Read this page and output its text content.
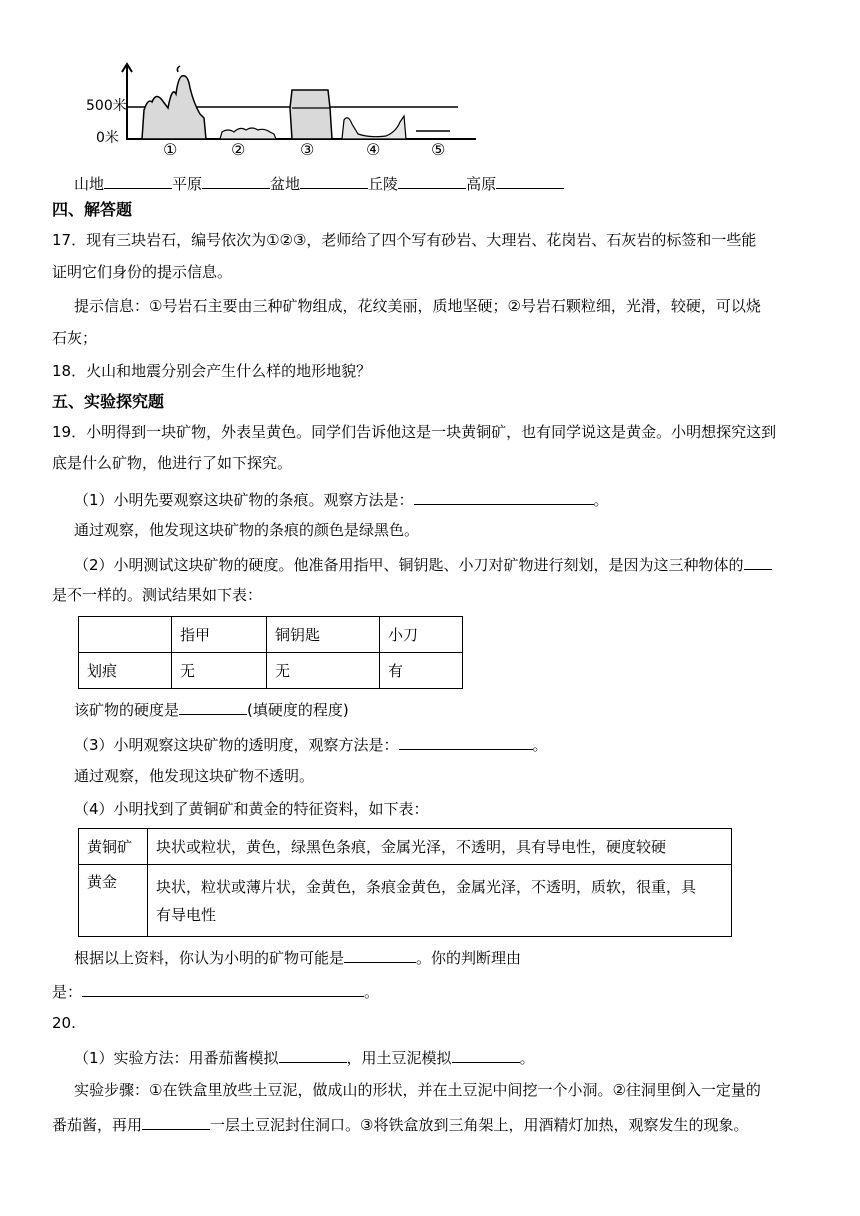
500米
0米
①	②	③	④	⑤
山地	平原	盆地	丘陵	高原
四、解答题
17．现有三块岩石，编号依次为①②③，老师给了四个写有砂岩、大理岩、花岗岩、石灰岩的标签和一些能
证明它们身份的提示信息。
提示信息：①号岩石主要由三种矿物组成，花纹美丽，质地坚硬；②号岩石颗粒细，光滑，较硬，可以烧
石灰；
18．火山和地震分别会产生什么样的地形地貌？
五、实验探究题
19．小明得到一块矿物，外表呈黄色。同学们告诉他这是一块黄铜矿，也有同学说这是黄金。小明想探究这到
底是什么矿物，他进行了如下探究。
（1）小明先要观察这块矿物的条痕。观察方法是：	。
通过观察，他发现这块矿物的条痕的颜色是绿黑色。
（2）小明测试这块矿物的硬度。他准备用指甲、铜钥匙、小刀对矿物进行刻划，是因为这三种物体的
是不一样的。测试结果如下表：
	指甲	铜钥匙	小刀
划痕	无	无	有
该矿物的硬度是	(填硬度的程度)
（3）小明观察这块矿物的透明度，观察方法是：	。
通过观察，他发现这块矿物不透明。
（4）小明找到了黄铜矿和黄金的特征资料，如下表：
黄铜矿	块状或粒状，黄色，绿黑色条痕，金属光泽，不透明，具有导电性，硬度较硬
黄金	块状，粒状或薄片状，金黄色，条痕金黄色，金属光泽，不透明，质软，很重，具
有导电性
根据以上资料，你认为小明的矿物可能是	。你的判断理由
是：	。
20.
（1）实验方法：用番茄酱模拟	，用土豆泥模拟	。
实验步骤：①在铁盒里放些土豆泥，做成山的形状，并在土豆泥中间挖一个小洞。②往洞里倒入一定量的
番茄酱，再用	一层土豆泥封住洞口。③将铁盒放到三角架上，用酒精灯加热，观察发生的现象。
